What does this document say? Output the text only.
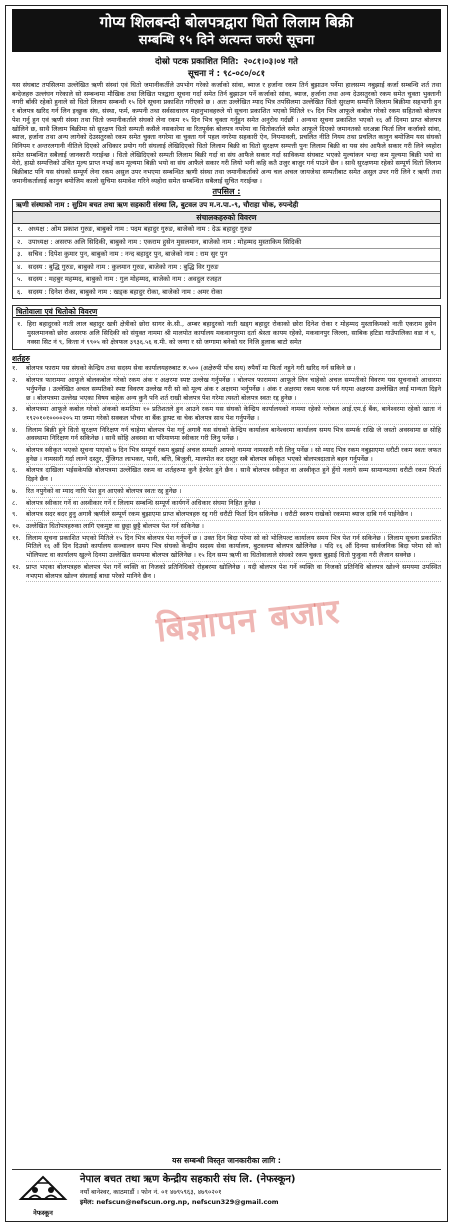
गोप्य शिलबन्दी बोलपत्रद्वारा धितो लिलाम बिक्री
सम्बन्धि १५ दिने अत्यन्त जरुरी सूचना
दोस्रो पटक प्रकाशित मिति: २०८१।०३।०४ गते
सूचना नं : ९८-०८०/०८१
यस संघबाट तपसिलमा उल्लेखित ऋणी संस्थां एवं धितो जमानीकर्तीले उपभोग गरेको कर्जाको सांवा, ब्याज र हर्जाना रकम तिर्न बुझाउन पर्नेमा हालसम्म नबुझाई कर्जा सम्बन्धि शर्त तथा बन्देजहरु उल्लंघन गरेकाले सो सम्बन्धमा मौखिक तथा लिखित पत्रद्वारा सूचना गर्दा समेत तिर्न बुझाउन पर्ने कर्जाको सांवा, ब्याज, हर्जाना तथा अन्य देउसतुरको रकम समेत चुक्ता भुक्तानी नगरी बाँकी रहेको हुनाले सो धितो लिलाम सम्बन्धी १५ दिने सूचना प्रकाशित गरीएको छ । अतः उल्लेखित म्याद भित्र तपसिलमा उल्लेखित धितो सुरक्षण सम्पत्ति लिलाम बिक्रीमा सहभागी हुन र बोलपत्र खरिद गर्न लिन इच्छुक संघ, संस्था, फर्म, कम्पनी तथा सर्वसाधारण महानुभावहरुले यो सूचना प्रकाशित भएको मितिले १५ दिन भित्र आफूले कबोल गरेको रकम सहितको बोलपत्र पेश गर्नु हुन एवं ऋणी संस्था तथा धितो जमानीकर्ताले संघको लेना रकम १५ दिन भित्र चुक्ता गर्नुहुन समेत अनुरोध गर्दछौं । अन्यथा सूचना प्रकाशित भएको १६ औं दिनमा प्राप्त बोलपत्र खोलिने छ, साथै लिलाम बिक्रीमा सो सुरक्षण धितो सम्पती कसैले नसकारेमा वा रितपूर्वक बोलपत्र नपरेमा वा धितोकर्ताले समेत आफूले दिएको जमानतको धरअन्ना फिर्ता लिन कर्जाको सांवा, ब्याज, हर्जाना तथा अन्य लागेको देउसतुरको रकम समेत चुक्ता नगरेमा वा चुक्ता गर्न पहल नगरेमा सहकारी ऐन, नियमावली, प्रचलित नीति नियम तथा प्रचलित कानुन बमोजिम यस संघको विनियम र अन्तरलगानी नीतिले दिएको अधिकार प्रयोग गरी संघलाई लेखिदिएको धितो लिलाम बिक्री वा धितो सुरक्षण सम्पत्ती पुनः लिलाम बिक्री वा यस संघ आफैले सकार गरी लिने व्यहोरा समेत सम्बन्धित सबैलाई जानकारी गराईन्छ । धितो लेखिदिएको सम्पती लिलाम बिक्री गर्दा वा संघ आफैले सकार गर्दा साविकमा संघबाट भएको मुल्यांकन भन्दा कम मूल्यमा बिक्री भयो वा मेरो, हाम्रो सम्पत्तिको उचित मूल्य प्राप्त नभई कम मूल्यमा बिक्री भयो वा संघ आफैले सकार गरी लियो भनी कहि कतै उजुर बाजुर गर्न पाउने छैन । साथै सुरक्षणमा रहेको सम्पूर्ण धितो लिलाम बिक्रीबाट पनि यस संघको सम्पूर्ण लेना रकम असुल उपर नभएमा सम्बन्धित ऋणी संस्था तथा जमानीकर्ताको अन्य चल अचल जायजेथा सम्पतीबाट समेत असुल उपर गरी लिने र ऋणी तथा जमानीकर्तालाई कानुन बमोजिम कालो सुचिमा समावेश गरिने व्यहोरा समेत सम्बन्धित सबैलाई सुचित गराईन्छ ।
तपसिल :
ऋणी संस्थाको नाम : सुप्रिम बचत तथा ऋण सहकारी संस्था लि, बुटवल उप म.न.पा.-९, चौराहा चोक, रुपन्देही
संचालकहरुको विवरण
१. अध्यक्ष : ओम प्रकाश गुरुङ, बाबुको नाम : पदम बहादुर गुरुङ, बाजेको नाम : देऊ बहादुर गुरुङ
२. उपाध्यक्ष : असरफ अलि सिदिकी, बाबुको नाम : एकराम हुसेन मुसलमान, बाजेको नाम : मोहम्मद मुस्ताकिम सिदिकी
३. सचिव : दिपेश कुमार पुन, बाबुको नाम : नन्द बहादुर पुन, बाजेको नाम : राम सुर पुन
४. सदस्य : बुद्धि गुरुङ, बाबुको नाम : कुलमान गुरुङ, बाजेको नाम : बुद्धि विर गुरुङ
५. सदस्य : महबुर महम्मद, बाबुको नाम : गुल मोहम्मद, बाजेको नाम : अवदुल रजहत
६. सदस्य : दिनेश रोका, बाबुको नाम : खड्क बहादुर रोका, बाजेको नाम : अमर रोका
धितोवाला एवं धितोको विवरण
१. हिरा बहादुरको नाती लाल बहादुर खत्री क्षेत्रीको छोरा सागर के.सी., अम्बर बहादुरको नाती खड्ग बहादुर रोकाको छोरा दिनेश रोका र मोहम्मद मुस्ताकिमको नाती एकराम हुसेन मुसलमानको छोरा असरफ अलि सिदिकी को संयुक्त नाममा श्री मालपोत कार्यालय मकवानपुरमा दर्ता श्रेस्ता कायम रहेको, मकवानपुर जिल्ला, साबिक हटिडा गाउँपालिका वडा नं ९, नक्सा सिट नं ९, कित्ता नं ९९०५ को क्षेत्रफल ३९३६.५६ व.मी. को जग्गा र सो जग्गामा बनेको घर निजि हुलाक बाटो समेत
शर्तहरु
१. बोलपत्र फाराम यस संघको केन्द्रिय तथा सदस्य सेवा कार्यालयहरुबाट रु.५०० (अक्षेरुपी पाँच सय) रुपैयाँ मा फिर्ता नहुने गरी खरिद गर्न सकिने छ ।
२. बोलपत्र फाराममा आफूले बोलकबोल गरेको रकम अंक र अक्षरमा स्पष्ट उल्लेख गर्नुपर्नेछ । बोलपत्र फाराममा आफूले लिन चाहेको अचल सम्पतीको विवरण यस सूचनाको आधारमा भर्नुपर्नेछ । उल्लेखित अचल सम्पतिको स्पष्ट विवरण उल्लेख गरी सो को मूल्य अंक र अक्षरमा भर्नुपर्नेछ । अंक र अक्षरमा रकम फरक पर्न गएमा अक्षरमा उल्लेखित लाई मान्यता दिइने छ । बोलपत्रमा उल्लेख भएका विषय बाहेक अन्य कुनै पनि शर्त राखी बोलपत्र पेश गरेमा त्यस्तो बोलपत्र स्वतः रद्द हुनेछ ।
३. बोलपत्रमा आफूले कबोल गरेको अंकको कमतिमा १० प्रतिशतले हुन आउने रकम यस संघको केन्द्रिय कार्यालयको नाममा रहेको ग्लोबल आई.एम.ई बैंक, बानेश्वरमा रहेको खाता नं १९२०१०१००००२०५ मा जम्मा गरेको सक्कल भौचर वा बैंक ड्राफ्ट वा चेक बोलपत्र साथ पेश गर्नुपर्नेछ ।
४. लिलाम बिक्री हुने धितो सुरक्षण निरिक्षण गर्न चाहेमा बोलपत्र पेश गर्नु अगावै यस संघको केन्द्रिय कार्यालय बानेश्वरमा कार्यालय समय भित्र सम्पर्क राखि जे जस्तो अवस्थामा छ सोहि अवस्थामा निरिक्षण गर्न सकिनेछ । साथै सोहि अवस्था वा परिमाणमा स्वीकार गरी लिनु पर्नेछ ।
५. बोलपत्र स्वीकृत भएको सूचना पाएको ७ दिन भित्र सम्पूर्ण रकम बुझाई अचल सम्पती आफ्नो नाममा नामसारी गरी लिनु पर्नेछ । सो म्याद भित्र रकम नबुझाएमा धरौटी रकम स्वतः जफत हुनेछ । नामसारी गर्दा लाग्ने दस्तुर, पुँजिगत लाभकर, पानी, बत्ति, बिजुली, मालपोत कर दस्तुर सबै बोलपत्र स्वीकृत भएको बोलपत्रदाताले बहन गर्नुपर्नेछ ।
६. बोलपत्र दाखिला भईसकेपछि बोलपत्रमा उल्लेखित रकम वा शर्तहरुमा कुनै हेरफेर हुने छैन । साथै बोलपत्र स्वीकृत वा अस्वीकृत हुने हुँगो नलागे सम्म सामान्यतया धरौटी रकम फिर्ता दिइने छैन ।
७. रित नपुगेको वा म्याद नाघि पेश हुन आएको बोलपत्र स्वतः रद्द हुनेछ ।
८. बोलपत्र स्वीकार गर्ने वा अस्वीकार गर्ने र लिलाम सम्बन्धि सम्पूर्ण कार्यगर्ने अधिकार संघमा निहित हुनेछ ।
९. बोलपत्र सदर बदर हुनु अगावै ऋणीले सम्पूर्ण रकम बुझाएमा प्राप्त बोलपत्रहरु रद्द गरी धरौटी फिर्ता दिन सकिनेछ । धरौटी स्वरुप राखेको रकममा ब्याज दाबि गर्न पाईनेछैन ।
१०. उल्लेखित धितोपत्रहरुका लागि एकमुष्ट वा छुट्टा छुट्टै बोलपत्र पेश गर्न सकिनेछ ।
११. लिलाम सूचना प्रकाशित भएको मितिले १५ दिन भित्र बोलपत्र पेश गर्नुपर्ने छ । उक्त दिन बिदा परेमा सो को भोलिपल्ट कार्यालय समय भित्र पेश गर्न सकिनेछ । लिलाम सूचना प्रकाशित मितिले १६ औं दिन दिउसो कार्यालय सञ्चालन समय भित्र संघको केन्द्रीय सदस्य सेवा कार्यालय, बुटवलमा बोलपत्र खोलिनेछ । यदि १६ औं दिनमा सार्वजनिक बिदा परेमा सो को भोलिपल्ट वा कार्यालय खुल्ने दिनमा उल्लेखित समयमा बोलपत्र खोलिनेछ । १५ दिन सम्म ऋणी वा धितोवालाले संघको रकम चुक्ता बुझाई धितो फुकुवा गरी लैजान सक्नेछ ।
१२. प्राप्त भएका बोलपत्रहरु बोलपत्र पेश गर्ने व्यक्ति वा निजको प्रतिनिधिको रोहबरमा खोलिनेछ । यदी बोलपत्र पेश गर्ने व्यक्ति वा निजको प्रतिनिधि बोलपत्र खोल्ने समयमा उपस्थित नभएमा बोलपत्र खोल्न संघलाई बाधा परेको मानिने छैन ।
बिज्ञापन बजार
यस सम्बन्धी विस्तृत जानकारीका लागि :
नेफस्कून
नेपाल बचत तथा ऋण केन्द्रीय सहकारी संघ लि. (नेफस्कून)
नयाँ बानेश्वर, काठमाडौं । फोन नं. ०१ ४७९५९६३, ४७९०२०१
इमेल: nefscun@nefscun.org.np, nefscun329@gmail.com
